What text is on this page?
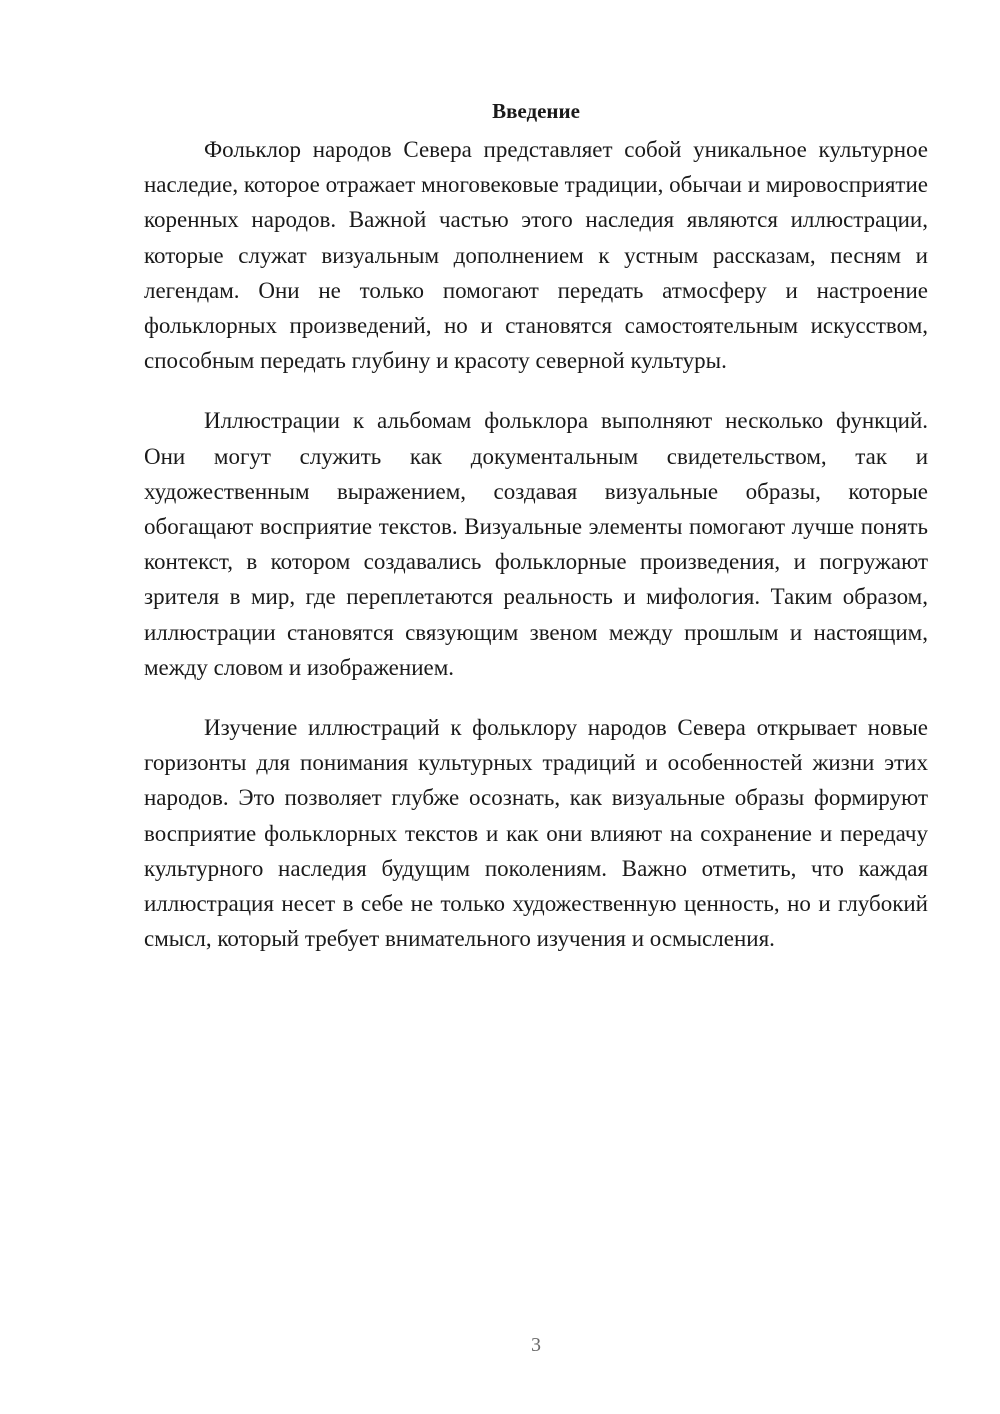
Введение

Фольклор народов Севера представляет собой уникальное культурное наследие, которое отражает многовековые традиции, обычаи и мировосприятие коренных народов. Важной частью этого наследия являются иллюстрации, которые служат визуальным дополнением к устным рассказам, песням и легендам. Они не только помогают передать атмосферу и настроение фольклорных произведений, но и становятся самостоятельным искусством, способным передать глубину и красоту северной культуры.

Иллюстрации к альбомам фольклора выполняют несколько функций. Они могут служить как документальным свидетельством, так и художественным выражением, создавая визуальные образы, которые обогащают восприятие текстов. Визуальные элементы помогают лучше понять контекст, в котором создавались фольклорные произведения, и погружают зрителя в мир, где переплетаются реальность и мифология. Таким образом, иллюстрации становятся связующим звеном между прошлым и настоящим, между словом и изображением.

Изучение иллюстраций к фольклору народов Севера открывает новые горизонты для понимания культурных традиций и особенностей жизни этих народов. Это позволяет глубже осознать, как визуальные образы формируют восприятие фольклорных текстов и как они влияют на сохранение и передачу культурного наследия будущим поколениям. Важно отметить, что каждая иллюстрация несет в себе не только художественную ценность, но и глубокий смысл, который требует внимательного изучения и осмысления.

3
